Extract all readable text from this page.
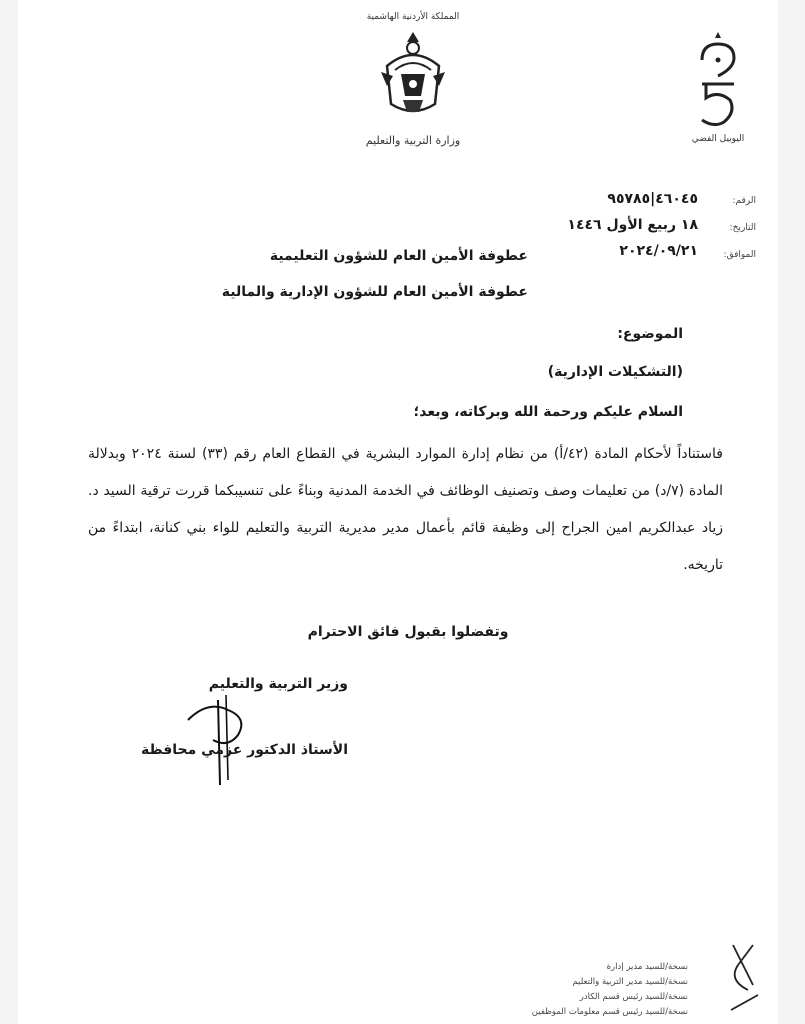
المملكة الأردنية الهاشمية
وزارة التربية والتعليم	اليوبيل الفضي
الرقم:
التاريخ:
الموافق:
٤٦٠٤٥|٩٥٧٨٥
١٨ ربيع الأول ١٤٤٦
٢٠٢٤/٠٩/٢١
عطوفة الأمين العام للشؤون التعليمية
عطوفة الأمين العام للشؤون الإدارية والمالية
الموضوع:
(التشكيلات الإدارية)
السلام عليكم ورحمة الله وبركاته، وبعد؛
فاستناداً لأحكام المادة (٤٢/أ) من نظام إدارة الموارد البشرية في القطاع العام رقم (٣٣) لسنة ٢٠٢٤ وبدلالة المادة (٧/د) من تعليمات وصف وتصنيف الوظائف في الخدمة المدنية وبناءً على تنسيبكما قررت ترقية السيد د. زياد عبدالكريم امين الجراح إلى وظيفة قائم بأعمال مدير مديرية التربية والتعليم للواء بني كنانة، ابتداءً من تاريخه.
وتفضلوا بقبول فائق الاحترام
وزير التربية والتعليم
الأستاذ الدكتور عزمي محافظة
نسخة/للسيد مدير إدارة
نسخة/للسيد مدير التربية والتعليم
نسخة/للسيد رئيس قسم الكادر
نسخة/للسيد رئيس قسم معلومات الموظفين
